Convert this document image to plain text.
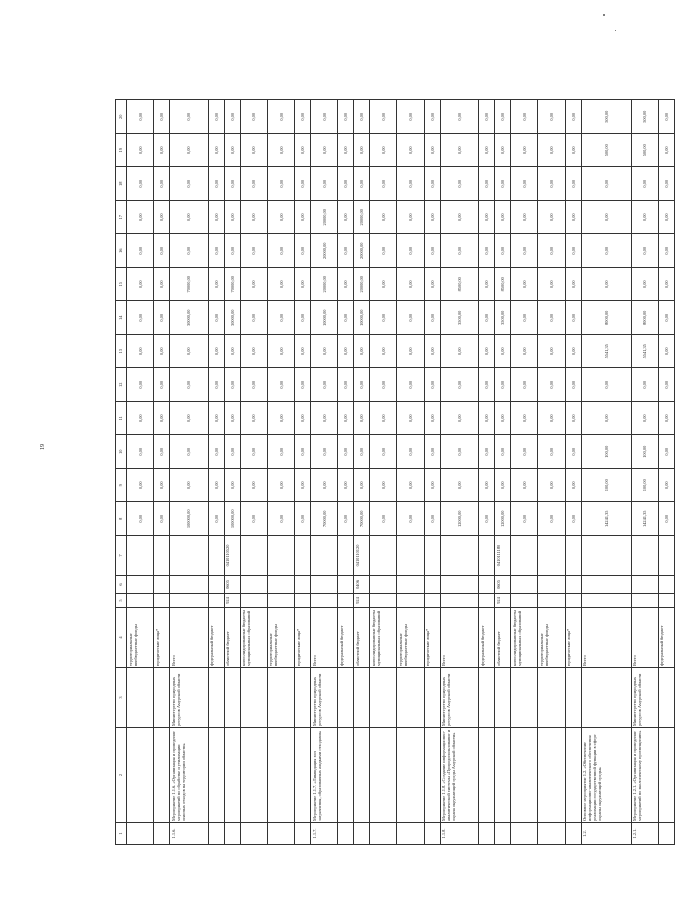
19
1	2	3	4	5	6	7	8	9	10	11	12	13	14	15	16	17	18	19	20
			территориальные внебюджетные фонды				0,00	0,00	0,00	0,00	0,00	0,00	0,00	0,00	0,00	0,00	0,00	0,00	0,00
			юридические лица*				0,00	0,00	0,00	0,00	0,00	0,00	0,00	0,00	0,00	0,00	0,00	0,00	0,00
1.1.6.	Мероприятие 1.1.6. «Организация и проведение мероприятий по обработке и утилизации опасных отходов на территории области»	Министерство природных ресурсов Амурской области	Всего				100000,00	0,00	0,00	0,00	0,00	0,00	30000,00	70000,00	0,00	0,00	0,00	0,00	0,00
			федеральный бюджет				0,00	0,00	0,00	0,00	0,00	0,00	0,00	0,00	0,00	0,00	0,00	0,00	0,00
			областной бюджет	924	0605	0410110520	100000,00	0,00	0,00	0,00	0,00	0,00	30000,00	70000,00	0,00	0,00	0,00	0,00	0,00
			консолидированные бюджеты муниципальных образований				0,00	0,00	0,00	0,00	0,00	0,00	0,00	0,00	0,00	0,00	0,00	0,00	0,00
			территориальные внебюджетные фонды				0,00	0,00	0,00	0,00	0,00	0,00	0,00	0,00	0,00	0,00	0,00	0,00	0,00
			юридические лица*				0,00	0,00	0,00	0,00	0,00	0,00	0,00	0,00	0,00	0,00	0,00	0,00	0,00
1.1.7.	Мероприятие 1.1.7. «Ликвидация зон загрязнения, образованных жидкими отходами»	Министерство природных ресурсов Амурской области	Всего				70000,00	0,00	0,00	0,00	0,00	0,00	10000,00	20000,00	20000,00	20000,00	0,00	0,00	0,00
			федеральный бюджет				0,00	0,00	0,00	0,00	0,00	0,00	0,00	0,00	0,00	0,00	0,00	0,00	0,00
			областной бюджет	924	0406	0410110120	70000,00	0,00	0,00	0,00	0,00	0,00	10000,00	20000,00	20000,00	20000,00	0,00	0,00	0,00
			консолидированные бюджеты муниципальных образований				0,00	0,00	0,00	0,00	0,00	0,00	0,00	0,00	0,00	0,00	0,00	0,00	0,00
			территориальные внебюджетные фонды				0,00	0,00	0,00	0,00	0,00	0,00	0,00	0,00	0,00	0,00	0,00	0,00	0,00
			юридические лица*				0,00	0,00	0,00	0,00	0,00	0,00	0,00	0,00	0,00	0,00	0,00	0,00	0,00
1.1.8.	Мероприятие 1.1.8. «Создание информационно-аналитической системы «Природопользование и охрана окружающей среды Амурской области»	Министерство природных ресурсов Амурской области	Всего				12000,00	0,00	0,00	0,00	0,00	0,00	3500,00	8500,00	0,00	0,00	0,00	0,00	0,00
			федеральный бюджет				0,00	0,00	0,00	0,00	0,00	0,00	0,00	0,00	0,00	0,00	0,00	0,00	0,00
			областной бюджет	924	0605	0410111180	12000,00	0,00	0,00	0,00	0,00	0,00	3500,00	8500,00	0,00	0,00	0,00	0,00	0,00
			консолидированные бюджеты муниципальных образований				0,00	0,00	0,00	0,00	0,00	0,00	0,00	0,00	0,00	0,00	0,00	0,00	0,00
			территориальные внебюджетные фонды				0,00	0,00	0,00	0,00	0,00	0,00	0,00	0,00	0,00	0,00	0,00	0,00	0,00
			юридические лица*				0,00	0,00	0,00	0,00	0,00	0,00	0,00	0,00	0,00	0,00	0,00	0,00	0,00
1.2.	Основное мероприятие 1.2. «Обеспечение информационно-аналитического обеспечения реализации государственной функции в сфере охраны окружающей среды»		Всего				14241,35	100,00	100,00	0,00	0,00	5541,35	8000,00	0,00	0,00	0,00	0,00	500,00	500,00
1.2.1.	Мероприятие 1.2.1. «Организация и проведение мероприятий по экологическому просвещению»	Министерство природных ресурсов Амурской области	Всего				14241,35	100,00	100,00	0,00	0,00	5541,35	8000,00	0,00	0,00	0,00	0,00	500,00	500,00
			федеральный бюджет				0,00	0,00	0,00	0,00	0,00	0,00	0,00	0,00	0,00	0,00	0,00	0,00	0,00
